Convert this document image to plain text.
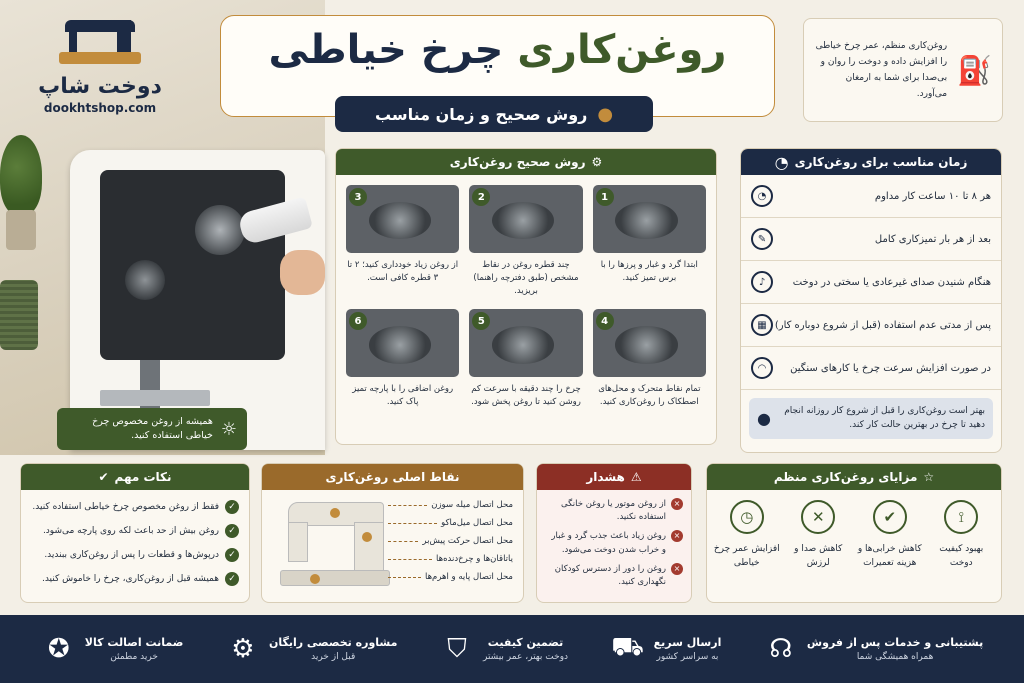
☼
همیشه از روغن مخصوص چرخ خیاطی استفاده کنید.
دوخت شاپ
dookhtshop.com
روغن‌کاری چرخ خیاطی
●
روش صحیح و زمان مناسب
⛽
روغن‌کاری منظم، عمر چرخ خیاطی را افزایش داده و دوخت را روان و بی‌صدا برای شما به ارمغان می‌آورد.
⚙
روش صحیح روغن‌کاری
3
از روغن زیاد خودداری کنید؛ ۲ تا ۳ قطره کافی است.
2
چند قطره روغن در نقاط مشخص (طبق دفترچه راهنما) بریزید.
1
ابتدا گرد و غبار و پرزها را با برس تمیز کنید.
6
روغن اضافی را با پارچه تمیز پاک کنید.
5
چرخ را چند دقیقه با سرعت کم روشن کنید تا روغن پخش شود.
4
تمام نقاط متحرک و محل‌های اصطکاک را روغن‌کاری کنید.
زمان مناسب برای روغن‌کاری
◔
هر ۸ تا ۱۰ ساعت کار مداوم
◔
بعد از هر بار تمیزکاری کامل
✎
هنگام شنیدن صدای غیرعادی یا سختی در دوخت
♪
پس از مدتی عدم استفاده (قبل از شروع دوباره کار)
▦
در صورت افزایش سرعت چرخ یا کارهای سنگین
◠
بهتر است روغن‌کاری را قبل از شروع کار روزانه انجام دهید تا چرخ در بهترین حالت کار کند.
●
نکات مهم
✔
✓
فقط از روغن مخصوص چرخ خیاطی استفاده کنید.
✓
روغن بیش از حد باعث لکه روی پارچه می‌شود.
✓
درپوش‌ها و قطعات را پس از روغن‌کاری ببندید.
✓
همیشه قبل از روغن‌کاری، چرخ را خاموش کنید.
نقاط اصلی روغن‌کاری
محل اتصال میله سوزن
محل اتصال میل‌ماکو
محل اتصال حرکت پیش‌بر
یاتاقان‌ها و چرخ‌دنده‌ها
محل اتصال پایه و اهرم‌ها
⚠
هشدار
×
از روغن موتور یا روغن خانگی استفاده نکنید.
×
روغن زیاد باعث جذب گرد و غبار و خراب شدن دوخت می‌شود.
×
روغن را دور از دسترس کودکان نگهداری کنید.
☆
مزایای روغن‌کاری منظم
⟟
بهبود کیفیت دوخت
✔
کاهش خرابی‌ها و هزینه تعمیرات
✕
کاهش صدا و لرزش
◷
افزایش عمر چرخ خیاطی
پشتیبانی و خدمات پس از فروش
همراه همیشگی شما
☊
ارسال سریع
به سراسر کشور
⛟
تضمین کیفیت
دوخت بهتر، عمر بیشتر
⛉
مشاوره تخصصی رایگان
قبل از خرید
⚙
ضمانت اصالت کالا
خرید مطمئن
✪
